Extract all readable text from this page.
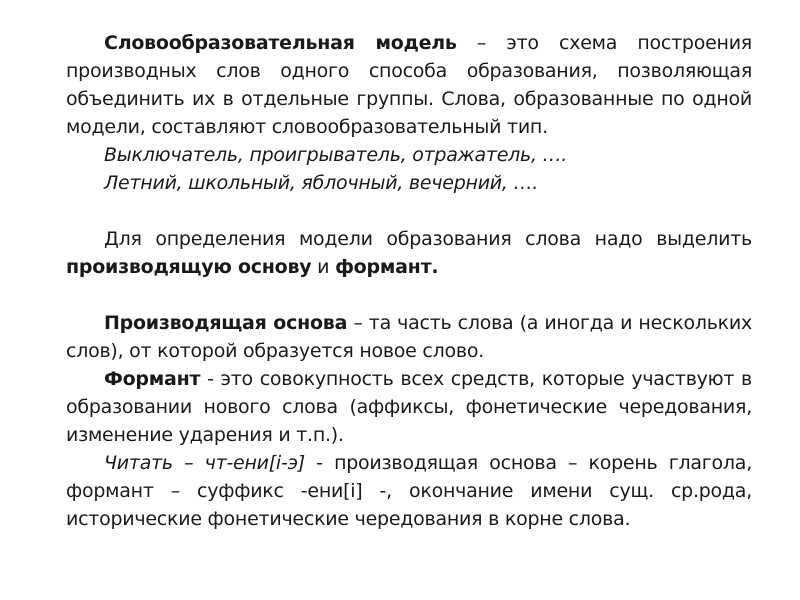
Словообразовательная модель – это схема построения производных слов одного способа образования, позволяющая объединить их в отдельные группы. Слова, образованные по одной модели, составляют словообразовательный тип.

Выключатель, проигрыватель, отражатель, ….

Летний, школьный, яблочный, вечерний, ….

Для определения модели образования слова надо выделить производящую основу и формант.

Производящая основа – та часть слова (а иногда и нескольких слов), от которой образуется новое слово.

Формант - это совокупность всех средств, которые участвуют в образовании нового слова (аффиксы, фонетические чередования, изменение ударения и т.п.).

Читать – чт-ени[і-э] - производящая основа – корень глагола, формант – суффикс -ени[і] -, окончание имени сущ. ср.рода, исторические фонетические чередования в корне слова.
